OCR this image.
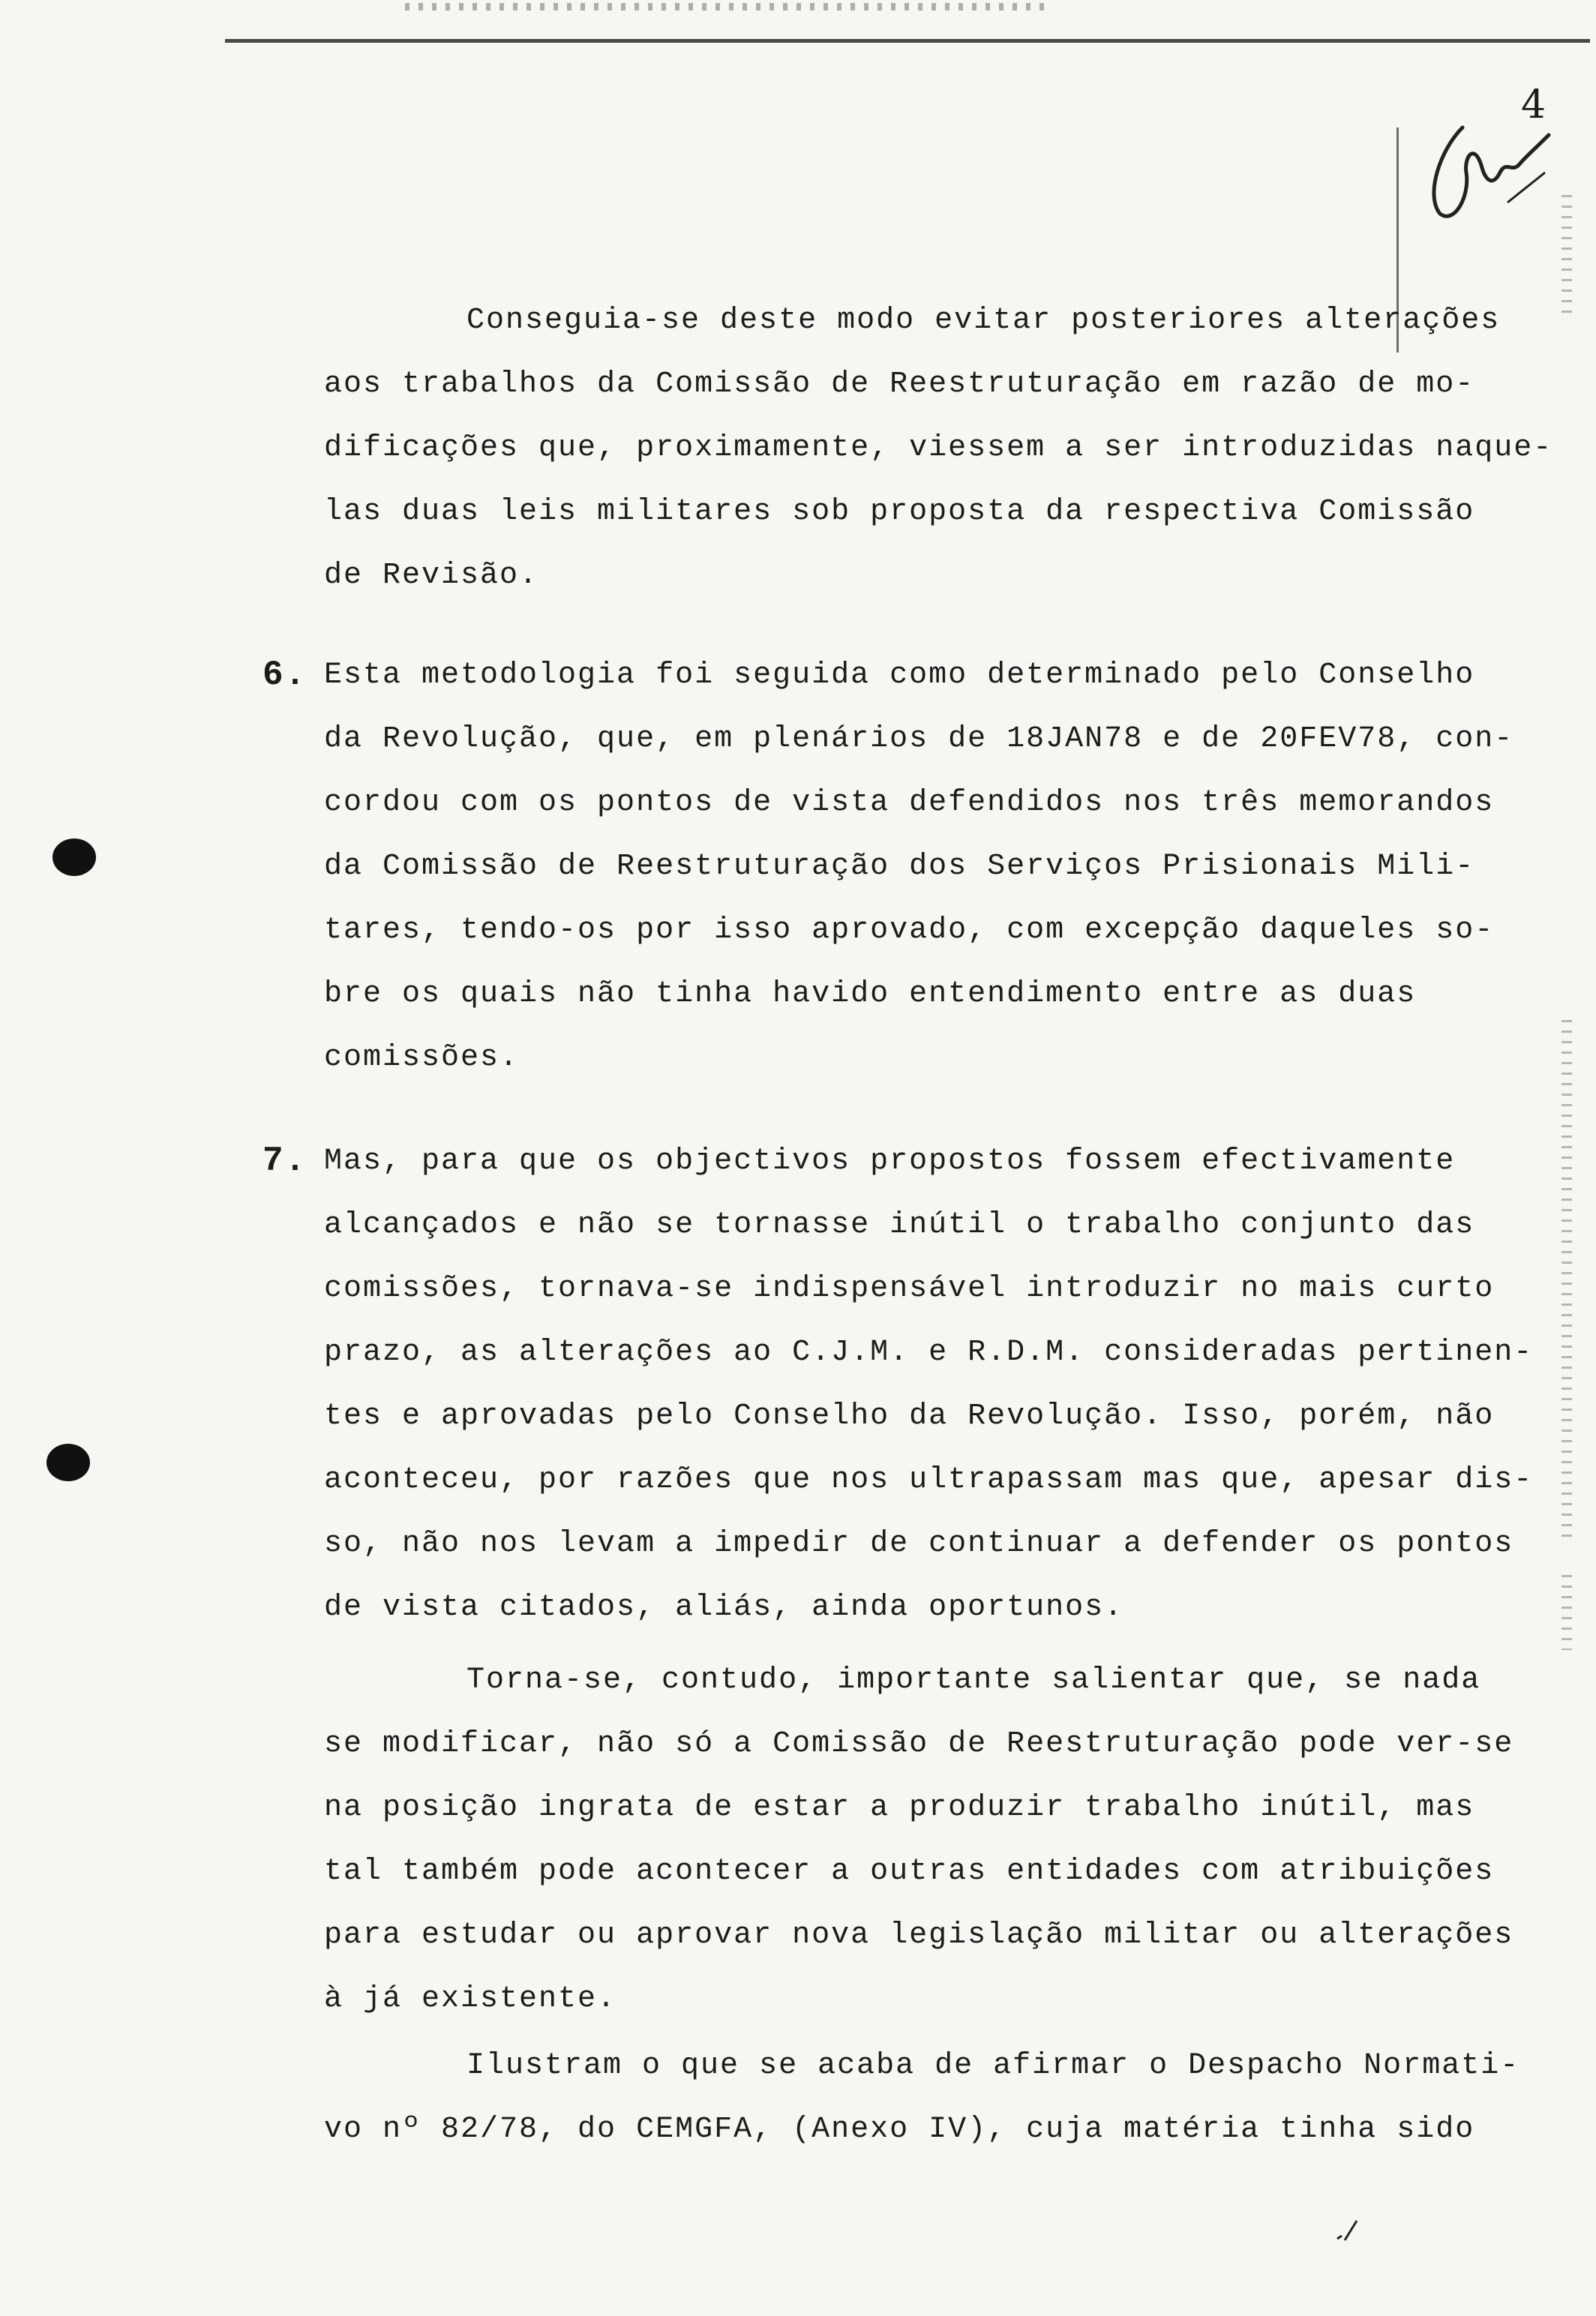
4
Conseguia-se deste modo evitar posteriores alterações
aos trabalhos da Comissão de Reestruturação em razão de mo-
dificações que, proximamente, viessem a ser introduzidas naque-
las duas leis militares sob proposta da respectiva Comissão
de Revisão.
6. Esta metodologia foi seguida como determinado pelo Conselho
da Revolução, que, em plenários de 18JAN78 e de 20FEV78, con-
cordou com os pontos de vista defendidos nos três memorandos
da Comissão de Reestruturação dos Serviços Prisionais Mili-
tares, tendo-os por isso aprovado, com excepção daqueles so-
bre os quais não tinha havido entendimento entre as duas
comissões.
7. Mas, para que os objectivos propostos fossem efectivamente
alcançados e não se tornasse inútil o trabalho conjunto das
comissões, tornava-se indispensável introduzir no mais curto
prazo, as alterações ao C.J.M. e R.D.M. consideradas pertinen-
tes e aprovadas pelo Conselho da Revolução. Isso, porém, não
aconteceu, por razões que nos ultrapassam mas que, apesar dis-
so, não nos levam a impedir de continuar a defender os pontos
de vista citados, aliás, ainda oportunos.
Torna-se, contudo, importante salientar que, se nada
se modificar, não só a Comissão de Reestruturação pode ver-se
na posição ingrata de estar a produzir trabalho inútil, mas
tal também pode acontecer a outras entidades com atribuições
para estudar ou aprovar nova legislação militar ou alterações
à já existente.
Ilustram o que se acaba de afirmar o Despacho Normati-
vo nº 82/78, do CEMGFA, (Anexo IV), cuja matéria tinha sido
